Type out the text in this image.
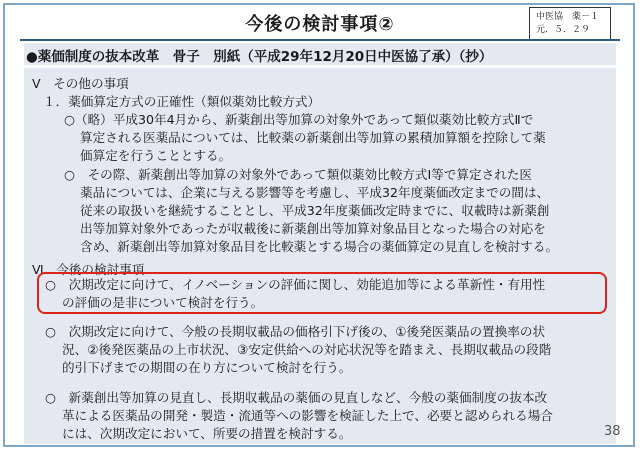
今後の検討事項②	中医協　薬－１
元．５．２９
●薬価制度の抜本改革　骨子　別紙（平成29年12月20日中医協了承）（抄）
Ⅴ　その他の事項
１．薬価算定方式の正確性（類似薬効比較方式）
○（略）平成30年4月から、新薬創出等加算の対象外であって類似薬効比較方式Ⅱで
算定される医薬品については、比較薬の新薬創出等加算の累積加算額を控除して薬
価算定を行うこととする。
○　その際、新薬創出等加算の対象外であって類似薬効比較方式Ⅰ等で算定された医
薬品については、企業に与える影響等を考慮し、平成32年度薬価改定までの間は、
従来の取扱いを継続することとし、平成32年度薬価改定時までに、収載時は新薬創
出等加算対象外であったが収載後に新薬創出等加算対象品目となった場合の対応を
含め、新薬創出等加算対象品目を比較薬とする場合の薬価算定の見直しを検討する。
Ⅵ　今後の検討事項
○　次期改定に向けて、イノベーションの評価に関し、効能追加等による革新性・有用性
の評価の是非について検討を行う。
○　次期改定に向けて、今般の長期収載品の価格引下げ後の、①後発医薬品の置換率の状
況、②後発医薬品の上市状況、③安定供給への対応状況等を踏まえ、長期収載品の段階
的引下げまでの期間の在り方について検討を行う。
○　新薬創出等加算の見直し、長期収載品の薬価の見直しなど、今般の薬価制度の抜本改
革による医薬品の開発・製造・流通等への影響を検証した上で、必要と認められる場合
には、次期改定において、所要の措置を検討する。	38
